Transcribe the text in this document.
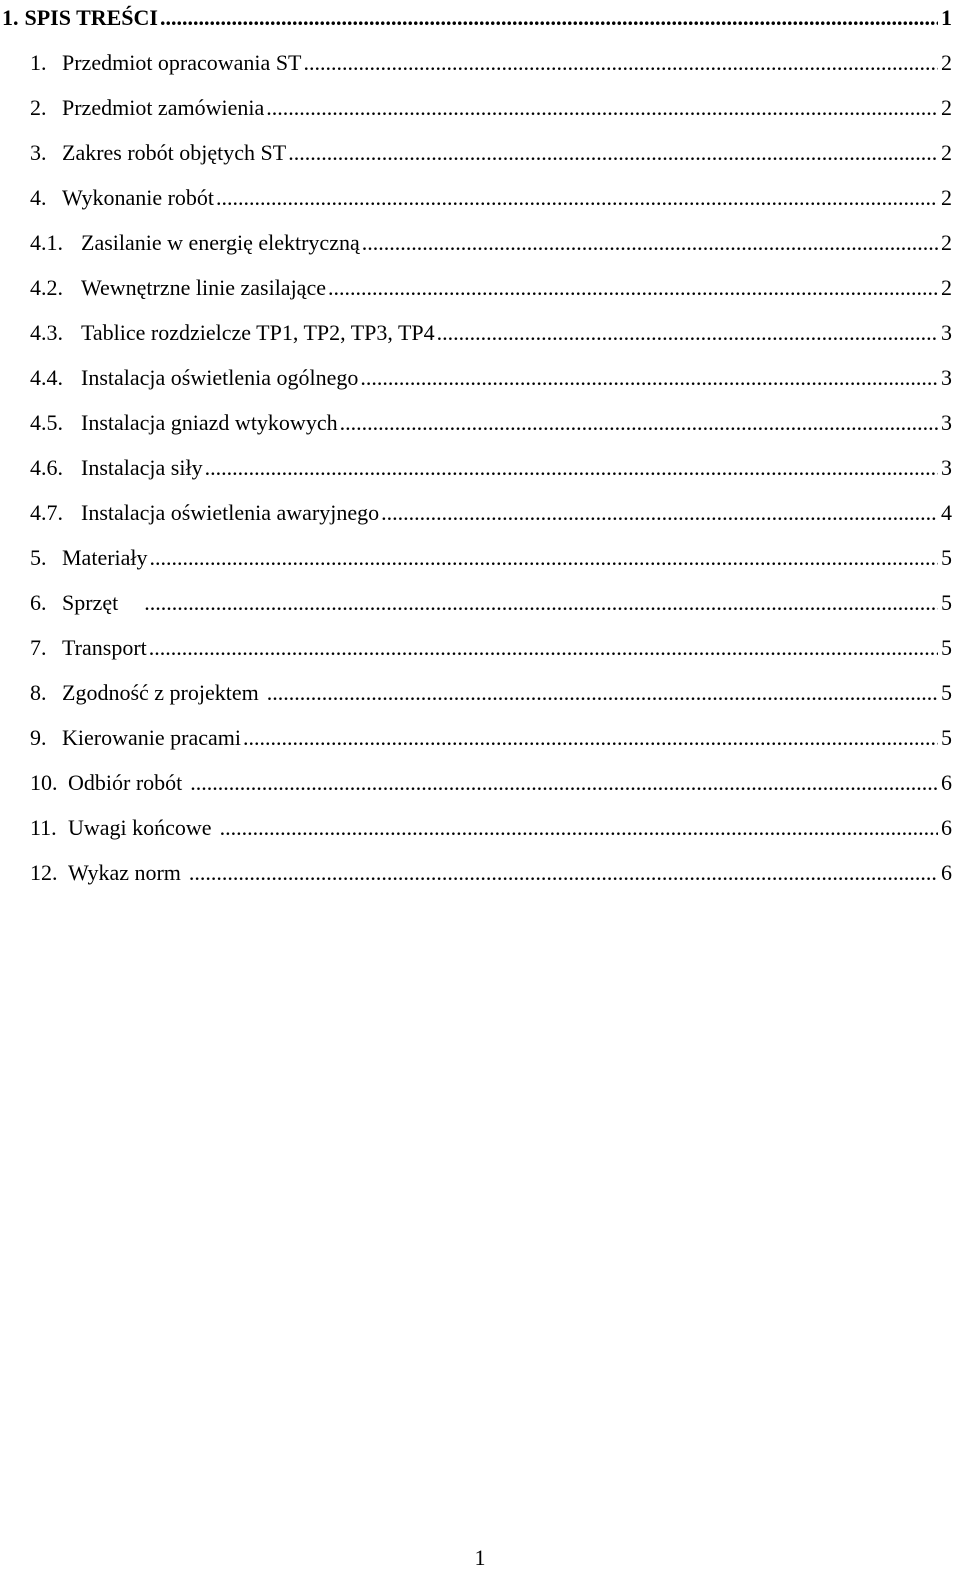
1. SPIS TREŚCI .....	1
1. Przedmiot opracowania ST .....	2
2. Przedmiot zamówienia .....	2
3. Zakres robót objętych ST .....	2
4. Wykonanie robót .....	2
4.1. Zasilanie w energię elektryczną .....	2
4.2. Wewnętrzne linie zasilające .....	2
4.3. Tablice rozdzielcze TP1, TP2, TP3, TP4 .....	3
4.4. Instalacja oświetlenia ogólnego .....	3
4.5. Instalacja gniazd wtykowych .....	3
4.6. Instalacja siły .....	3
4.7. Instalacja oświetlenia awaryjnego .....	4
5. Materiały .....	5
6. Sprzęt .....	5
7. Transport .....	5
8. Zgodność z projektem .....	5
9. Kierowanie pracami .....	5
10. Odbiór robót .....	6
11. Uwagi końcowe .....	6
12. Wykaz norm .....	6
1
